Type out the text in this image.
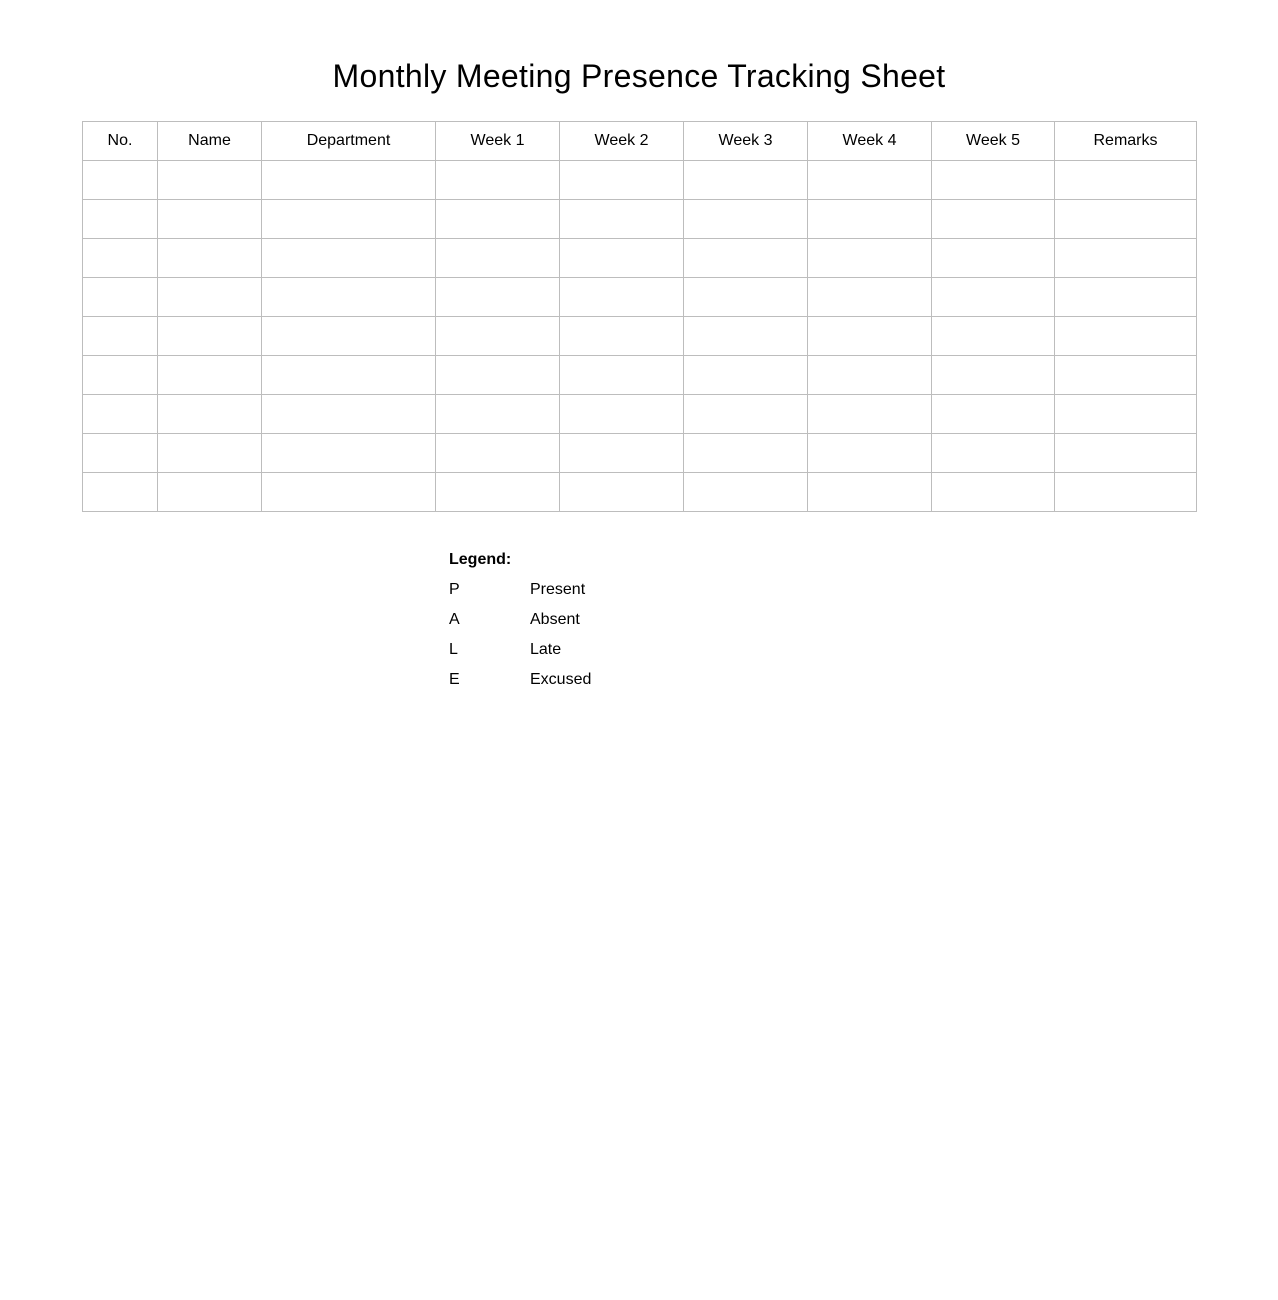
Monthly Meeting Presence Tracking Sheet
No.	Name	Department	Week 1	Week 2	Week 3	Week 4	Week 5	Remarks

Legend:
P	Present
A	Absent
L	Late
E	Excused
